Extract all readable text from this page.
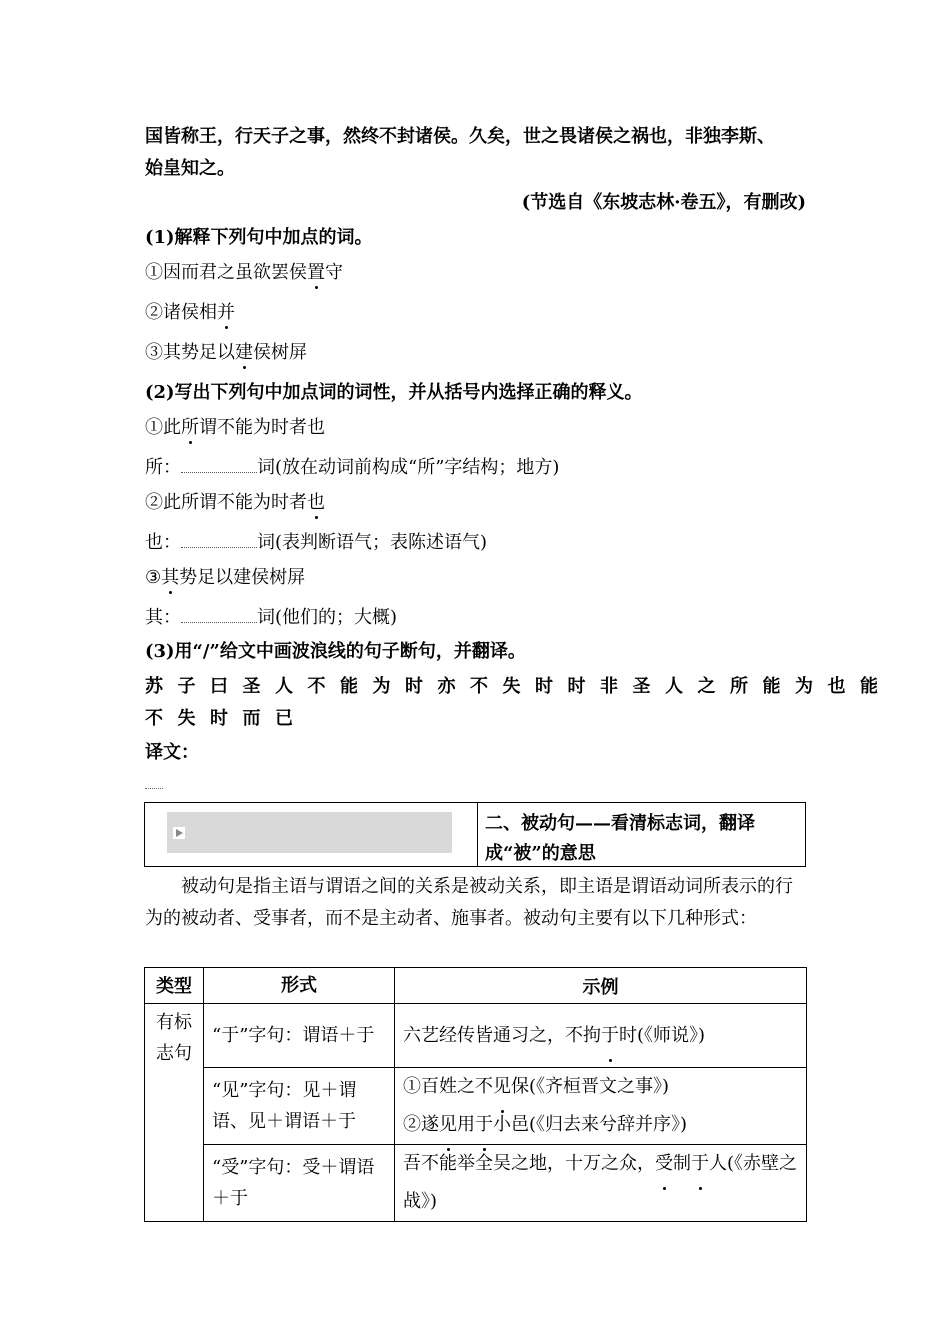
国皆称王，行天子之事，然终不封诸侯。久矣，世之畏诸侯之祸也，非独李斯、
始皇知之。
(节选自《东坡志林·卷五》，有删改)
(1)解释下列句中加点的词。
①因而君之虽欲罢侯置守
②诸侯相并
③其势足以建侯树屏
(2)写出下列句中加点词的词性，并从括号内选择正确的释义。
①此所谓不能为时者也
所：	词(放在动词前构成“所”字结构；地方)
②此所谓不能为时者也
也：	词(表判断语气；表陈述语气)
③其势足以建侯树屏
其：	词(他们的；大概)
(3)用“/”给文中画波浪线的句子断句，并翻译。
苏子曰圣人不能为时亦不失时时非圣人之所能为也能
不失时而已
译文：
二、被动句——看清标志词，翻译成“被”的意思
被动句是指主语与谓语之间的关系是被动关系，即主语是谓语动词所表示的行为的被动者、受事者，而不是主动者、施事者。被动句主要有以下几种形式：
类型	形式	示例
有标志句	“于”字句：谓语＋于	六艺经传皆通习之，不拘于时(《师说》)
	“见”字句：见＋谓语、见＋谓语＋于	①百姓之不见保(《齐桓晋文之事》)
②遂见用于小邑(《归去来兮辞并序》)

	“受”字句：受＋谓语＋于	吾不能举全吴之地，十万之众，受制于人(《赤壁之战》)
